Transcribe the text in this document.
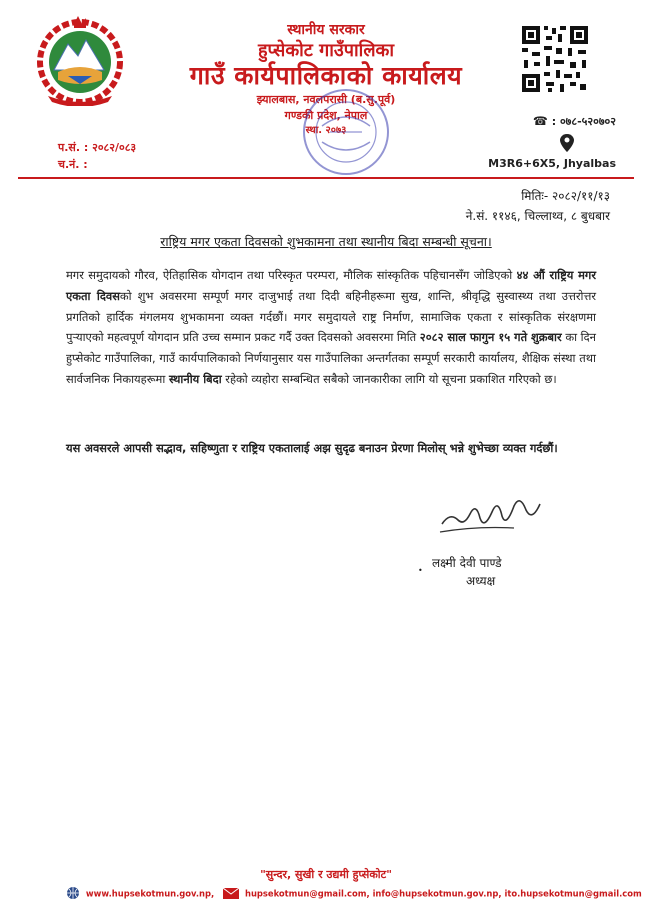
स्थानीय सरकार
हुप्सेकोट गाउँपालिका
गाउँ कार्यपालिकाको कार्यालय
झ्यालबास, नवलपरासी (ब.सु.पूर्व)
गण्डकी प्रदेश, नेपाल
स्था. २०७३
प.सं. : २०८२/०८३
च.नं. :
☎ : ०७८-५२०७०२
M3R6+6X5, Jhyalbas
मितिः- २०८२/११/१३
ने.सं. ११४६, चिल्लाथ्व, ८ बुधबार
राष्ट्रिय मगर एकता दिवसको शुभकामना तथा स्थानीय बिदा सम्बन्धी सूचना।

मगर समुदायको गौरव, ऐतिहासिक योगदान तथा परिस्कृत परम्परा, मौलिक सांस्कृतिक पहिचानसँग जोडिएको ४४ औं राष्ट्रिय मगर एकता दिवसको शुभ अवसरमा सम्पूर्ण मगर दाजुभाई तथा दिदी बहिनीहरूमा सुख, शान्ति, श्रीवृद्धि सुस्वास्थ्य तथा उत्तरोत्तर प्रगतिको हार्दिक मंगलमय शुभकामना व्यक्त गर्दछौं। मगर समुदायले राष्ट्र निर्माण, सामाजिक एकता र सांस्कृतिक संरक्षणमा पुर्‍याएको महत्वपूर्ण योगदान प्रति उच्च सम्मान प्रकट गर्दै उक्त दिवसको अवसरमा मिति २०८२ साल फागुन १५ गते शुक्रबार का दिन हुप्सेकोट गाउँपालिका, गाउँ कार्यपालिकाको निर्णयानुसार यस गाउँपालिका अन्तर्गतका सम्पूर्ण सरकारी कार्यालय, शैक्षिक संस्था तथा सार्वजनिक निकायहरूमा स्थानीय बिदा रहेको व्यहोरा सम्बन्धित सबैको जानकारीका लागि यो सूचना प्रकाशित गरिएको छ।

यस अवसरले आपसी सद्भाव, सहिष्णुता र राष्ट्रिय एकतालाई अझ सुदृढ बनाउन प्रेरणा मिलोस् भन्ने शुभेच्छा व्यक्त गर्दछौं।
•
लक्ष्मी देवी पाण्डे
अध्यक्ष
"सुन्दर, सुखी र उद्यमी हुप्सेकोट"
www.hupsekotmun.gov.np,	hupsekotmun@gmail.com, info@hupsekotmun.gov.np, ito.hupsekotmun@gmail.com
